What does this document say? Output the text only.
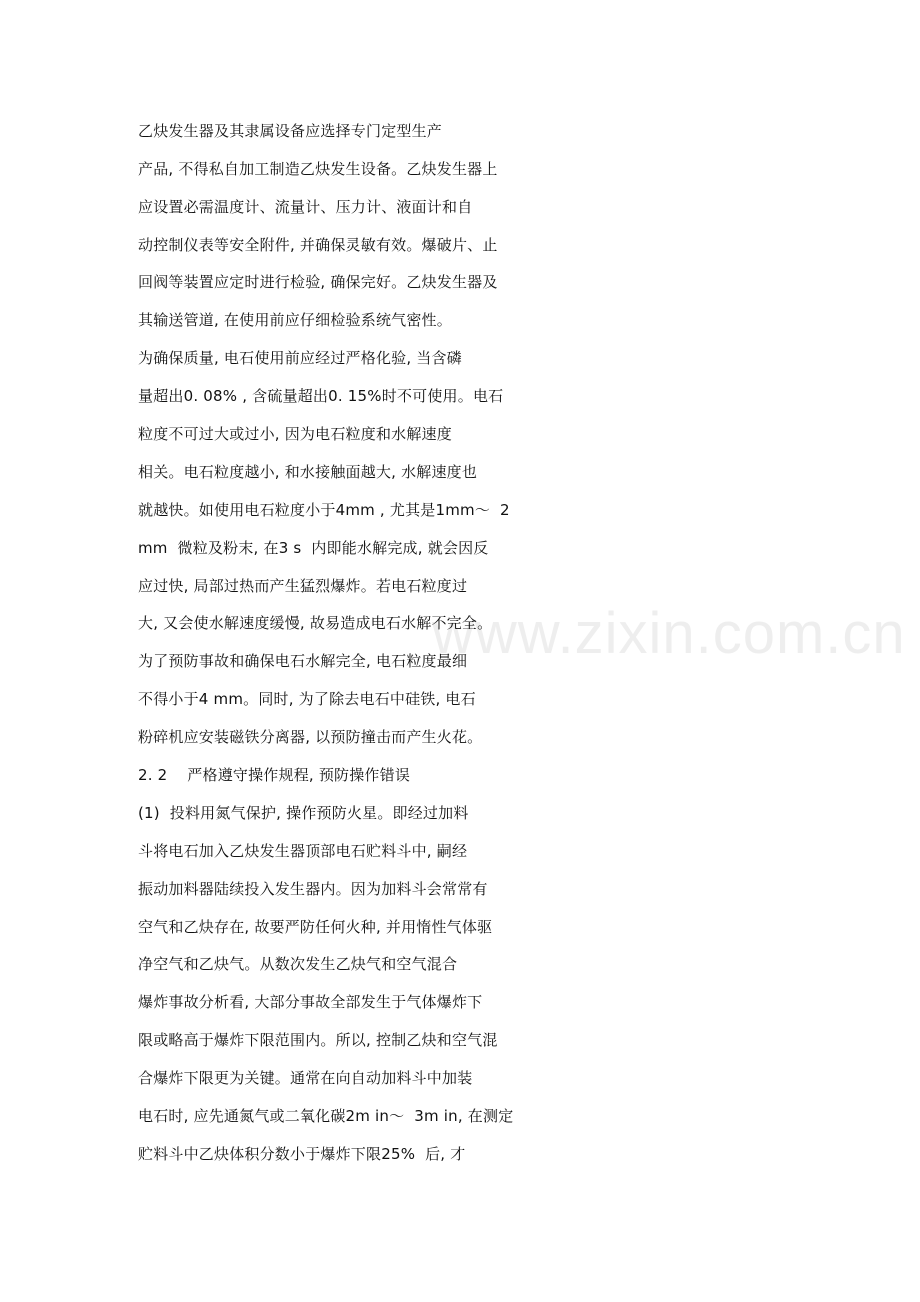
www.zixin.com.cn
乙炔发生器及其隶属设备应选择专门定型生产
产品, 不得私自加工制造乙炔发生设备。乙炔发生器上
应设置必需温度计、流量计、压力计、液面计和自
动控制仪表等安全附件, 并确保灵敏有效。爆破片、止
回阀等装置应定时进行检验, 确保完好。乙炔发生器及
其输送管道, 在使用前应仔细检验系统气密性。
为确保质量, 电石使用前应经过严格化验, 当含磷
量超出0. 08% , 含硫量超出0. 15%时不可使用。电石
粒度不可过大或过小, 因为电石粒度和水解速度
相关。电石粒度越小, 和水接触面越大, 水解速度也
就越快。如使用电石粒度小于4mm , 尤其是1mm～  2
mm  微粒及粉末, 在3 s  内即能水解完成, 就会因反
应过快, 局部过热而产生猛烈爆炸。若电石粒度过
大, 又会使水解速度缓慢, 故易造成电石水解不完全。
为了预防事故和确保电石水解完全, 电石粒度最细
不得小于4 mm。同时, 为了除去电石中硅铁, 电石
粉碎机应安装磁铁分离器, 以预防撞击而产生火花。
2. 2    严格遵守操作规程, 预防操作错误
(1)  投料用氮气保护, 操作预防火星。即经过加料
斗将电石加入乙炔发生器顶部电石贮料斗中, 嗣经
振动加料器陆续投入发生器内。因为加料斗会常常有
空气和乙炔存在, 故要严防任何火种, 并用惰性气体驱
净空气和乙炔气。从数次发生乙炔气和空气混合
爆炸事故分析看, 大部分事故全部发生于气体爆炸下
限或略高于爆炸下限范围内。所以, 控制乙炔和空气混
合爆炸下限更为关键。通常在向自动加料斗中加装
电石时, 应先通氮气或二氧化碳2m in～  3m in, 在测定
贮料斗中乙炔体积分数小于爆炸下限25%  后, 才
